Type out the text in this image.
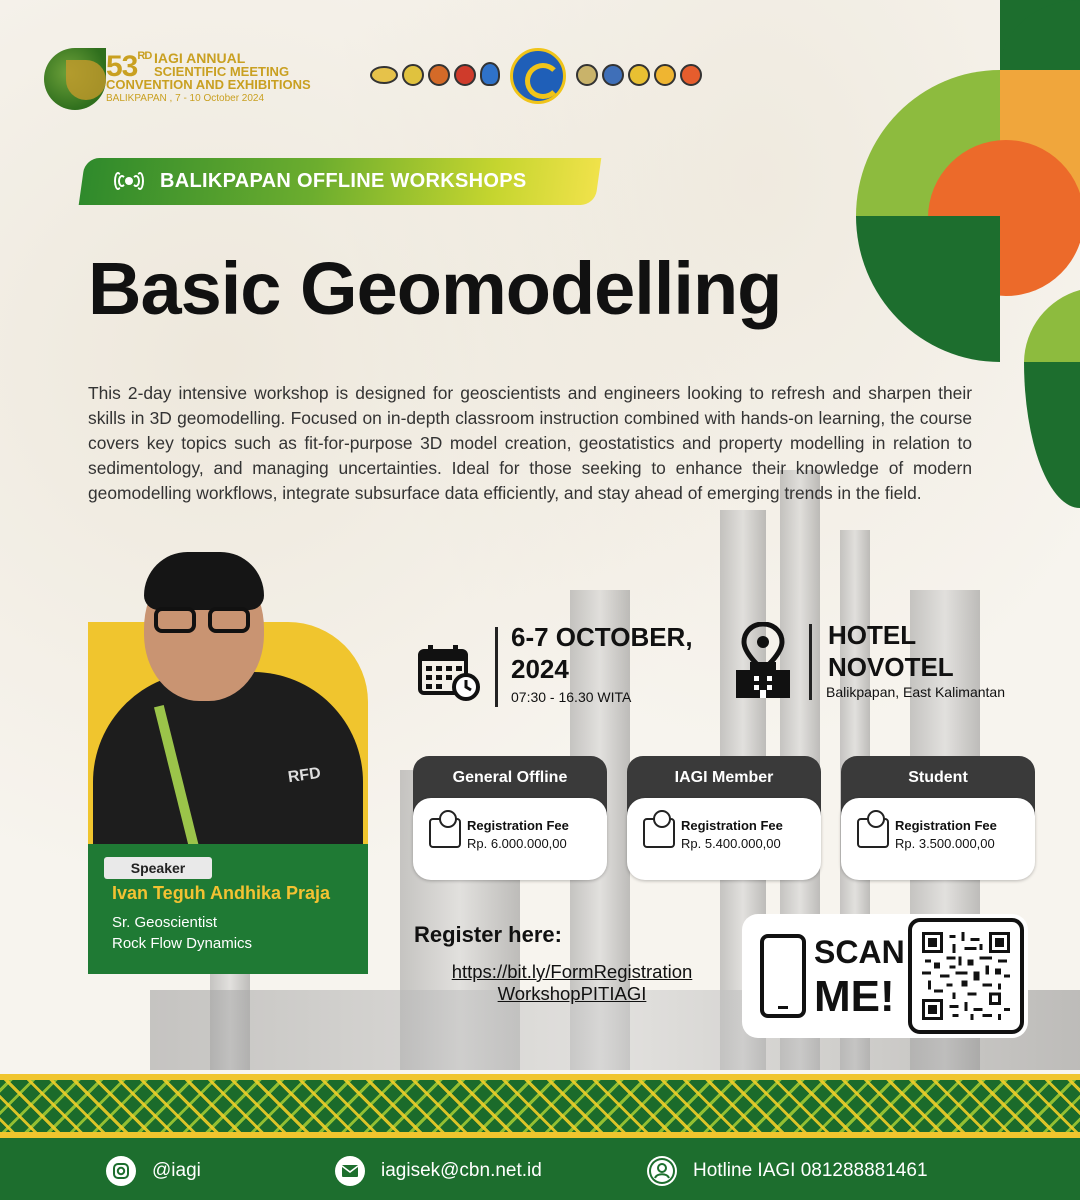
53RD IAGI ANNUAL
SCIENTIFIC MEETING
CONVENTION AND EXHIBITIONS
BALIKPAPAN , 7 - 10 October 2024
BALIKPAPAN OFFLINE WORKSHOPS
Basic Geomodelling

This 2-day intensive workshop is designed for geoscientists and engineers looking to refresh and sharpen their skills in 3D geomodelling. Focused on in-depth classroom instruction combined with hands-on learning, the course covers key topics such as fit-for-purpose 3D model creation, geostatistics and property modelling in relation to sedimentology, and managing uncertainties. Ideal for those seeking to enhance their knowledge of modern geomodelling workflows, integrate subsurface data efficiently, and stay ahead of emerging trends in the field.

RFD
Speaker
Ivan Teguh Andhika Praja
Sr. Geoscientist
Rock Flow Dynamics
6-7 OCTOBER,
2024
07:30 - 16.30 WITA
HOTEL
NOVOTEL
Balikpapan, East Kalimantan
General Offline
Registration Fee
Rp. 6.000.000,00
IAGI Member
Registration Fee
Rp. 5.400.000,00
Student
Registration Fee
Rp. 3.500.000,00
Register here:
https://bit.ly/FormRegistration
WorkshopPITIAGI
SCAN
ME!
@iagi	iagisek@cbn.net.id	Hotline IAGI 081288881461
